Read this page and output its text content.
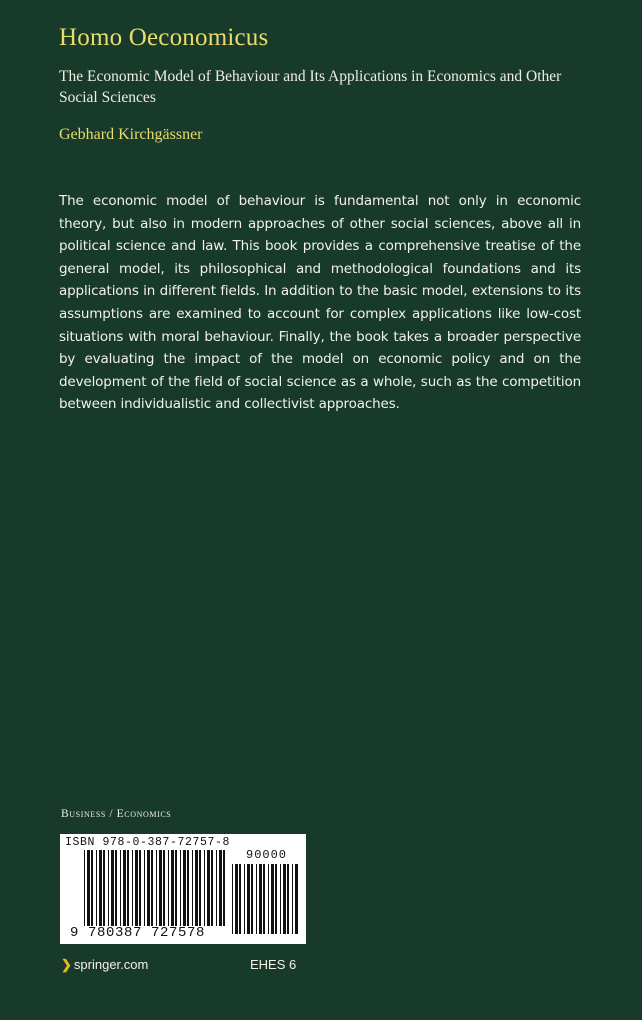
Homo Oeconomicus
The Economic Model of Behaviour and Its Applications in Economics and Other Social Sciences
Gebhard Kirchgässner
The economic model of behaviour is fundamental not only in economic theory, but also in modern approaches of other social sciences, above all in political science and law. This book provides a comprehensive treatise of the general model, its philosophical and methodological foundations and its applications in different fields. In addition to the basic model, extensions to its assumptions are examined to account for complex applications like low-cost situations with moral behaviour. Finally, the book takes a broader perspective by evaluating the impact of the model on economic policy and on the development of the field of social science as a whole, such as the competition between individualistic and collectivist approaches.
Business / Economics
ISBN 978-0-387-72757-8
90000
9 780387 727578
❯ springer.com	EHES 6
